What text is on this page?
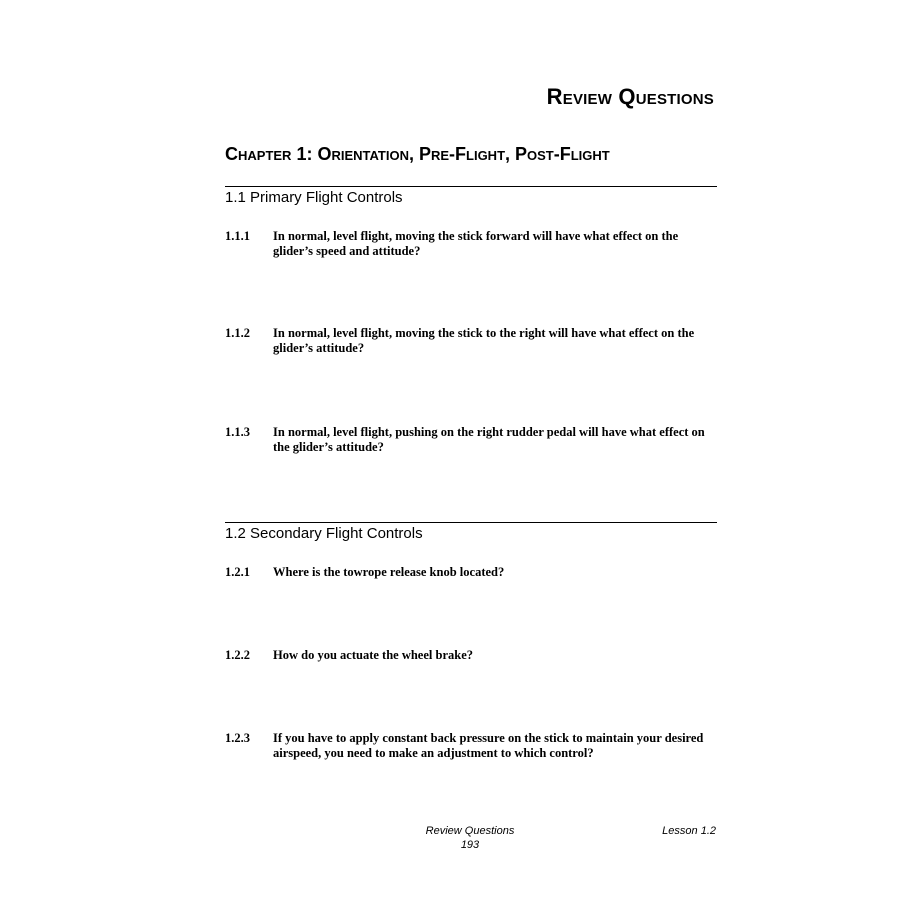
Review Questions
Chapter 1: Orientation, Pre-Flight, Post-Flight
1.1 Primary Flight Controls
1.1.1	In normal, level flight, moving the stick forward will have what effect on the glider’s speed and attitude?
1.1.2	In normal, level flight, moving the stick to the right will have what effect on the glider’s attitude?
1.1.3	In normal, level flight, pushing on the right rudder pedal will have what effect on the glider’s attitude?
1.2 Secondary Flight Controls
1.2.1	Where is the towrope release knob located?
1.2.2	How do you actuate the wheel brake?
1.2.3	If you have to apply constant back pressure on the stick to maintain your desired airspeed, you need to make an adjustment to which control?
Review Questions
193
Lesson 1.2
